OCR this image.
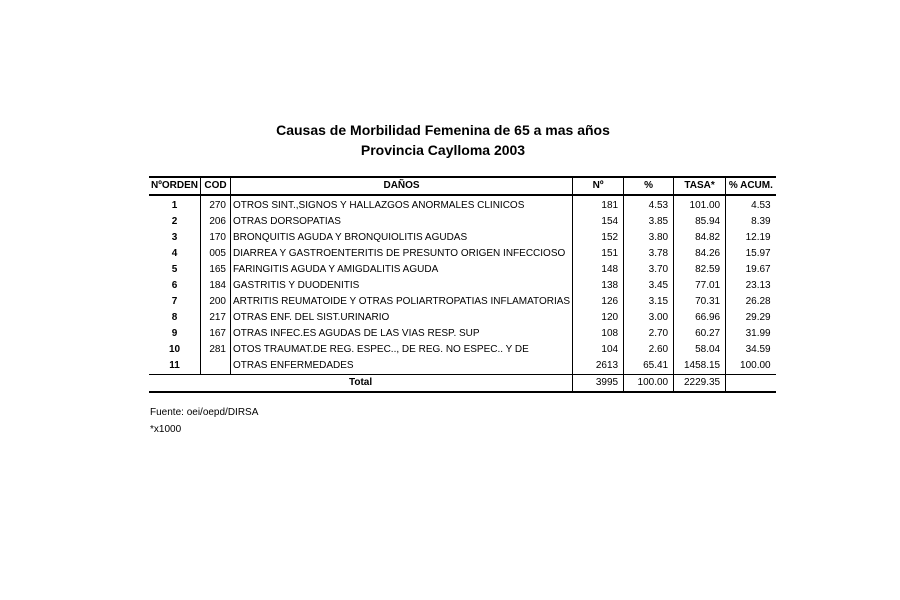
Causas de Morbilidad Femenina de 65 a mas años
Provincia Caylloma 2003
NºORDEN	COD	DAÑOS	Nº	%	TASA*	% ACUM.
1	270	OTROS SINT.,SIGNOS Y HALLAZGOS ANORMALES CLINICOS	181	4.53	101.00	4.53
2	206	OTRAS DORSOPATIAS	154	3.85	85.94	8.39
3	170	BRONQUITIS AGUDA Y BRONQUIOLITIS AGUDAS	152	3.80	84.82	12.19
4	005	DIARREA Y GASTROENTERITIS DE PRESUNTO ORIGEN INFECCIOSO	151	3.78	84.26	15.97
5	165	FARINGITIS AGUDA Y AMIGDALITIS AGUDA	148	3.70	82.59	19.67
6	184	GASTRITIS Y DUODENITIS	138	3.45	77.01	23.13
7	200	ARTRITIS REUMATOIDE Y OTRAS POLIARTROPATIAS INFLAMATORIAS	126	3.15	70.31	26.28
8	217	OTRAS ENF. DEL SIST.URINARIO	120	3.00	66.96	29.29
9	167	OTRAS INFEC.ES AGUDAS DE LAS VIAS RESP. SUP	108	2.70	60.27	31.99
10	281	OTOS TRAUMAT.DE REG. ESPEC.., DE REG. NO ESPEC.. Y DE	104	2.60	58.04	34.59
11		OTRAS ENFERMEDADES	2613	65.41	1458.15	100.00
Total			3995	100.00	2229.35	
Fuente: oei/oepd/DIRSA
*x1000
